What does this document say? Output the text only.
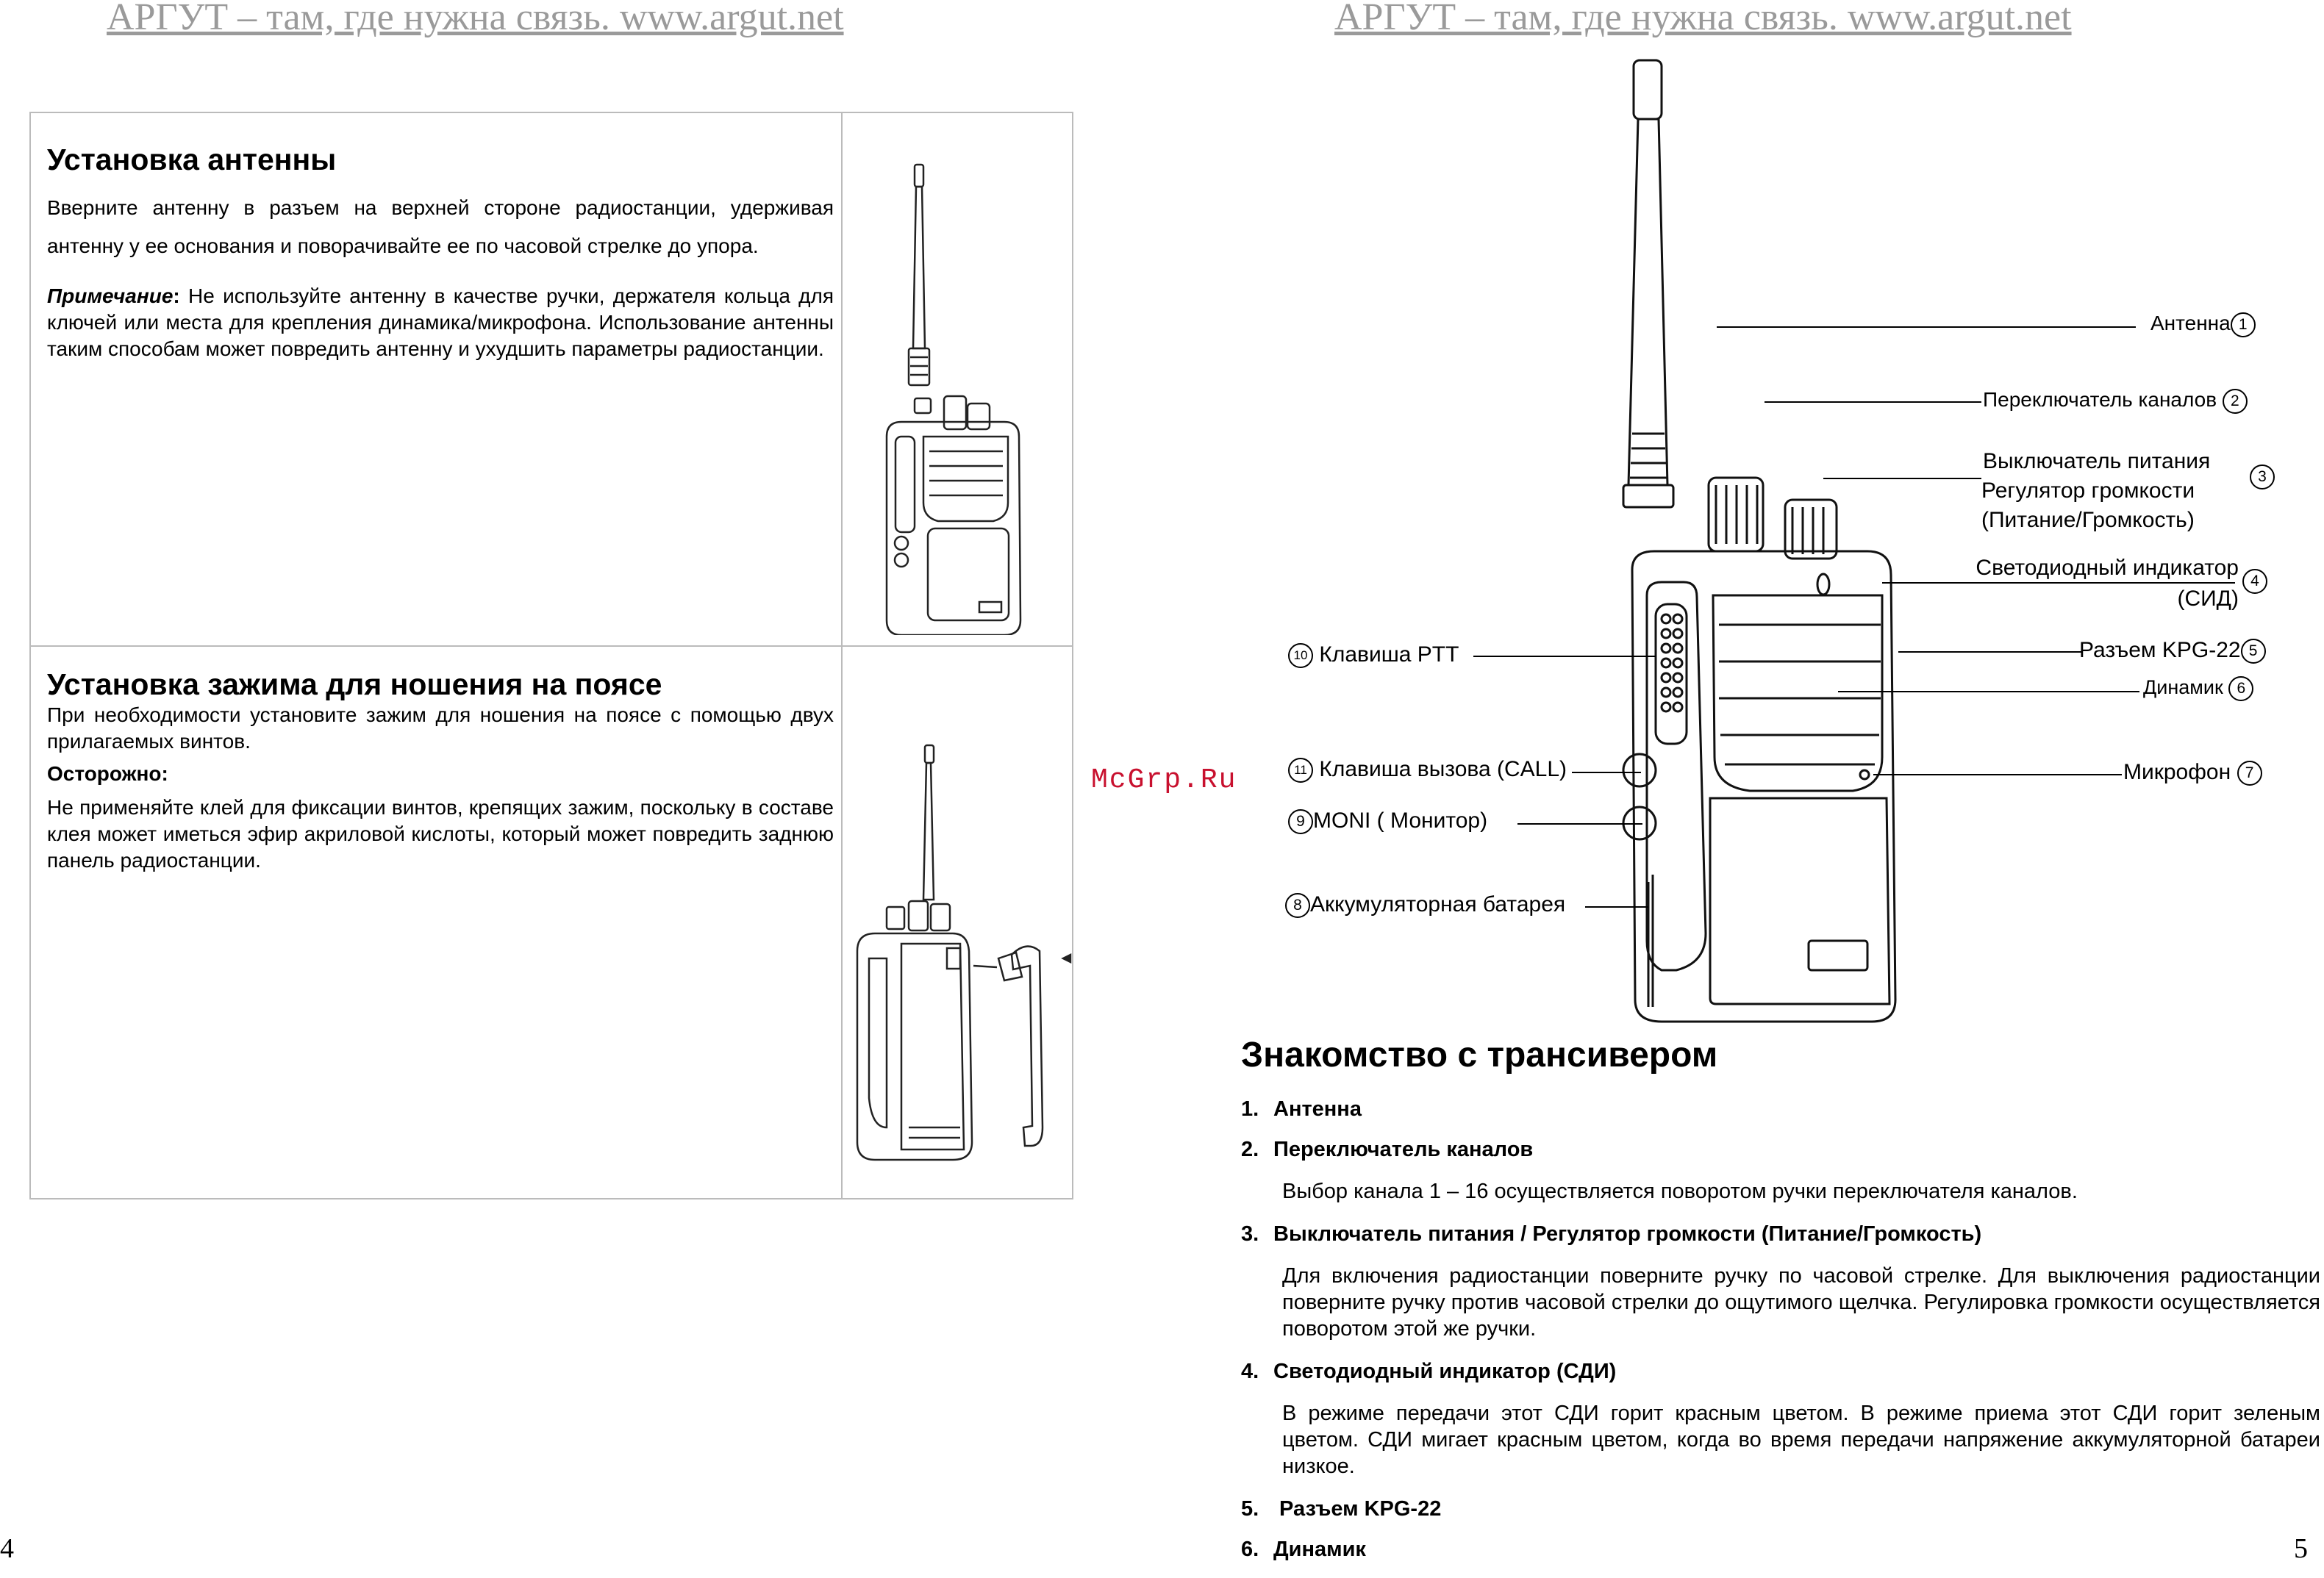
АРГУТ – там, где нужна связь. www.argut.net	АРГУТ – там, где нужна связь. www.argut.net
McGrp.Ru
4	5
Установка антенны

Вверните антенну в разъем на верхней стороне радиостанции, удерживая антенну у ее основания и поворачивайте ее по часовой стрелке до упора.

Примечание: Не используйте антенну в качестве ручки, держателя кольца для ключей или места для крепления динамика/микрофона. Использование антенны таким способам может повредить антенну и ухудшить параметры радиостанции.

Установка зажима для ношения на поясе

При необходимости установите зажим для ношения на поясе с помощью двух прилагаемых винтов.

Осторожно:

Не применяйте клей для фиксации винтов, крепящих зажим, поскольку в составе клея может иметься эфир акриловой кислоты, который может повредить заднюю панель радиостанции.

Антенна 1
Переключатель каналов 2
Выключатель питания
Регулятор громкости
(Питание/Громкость)
3
Светодиодный индикатор
(СИД)
4
Разъем KPG-22 5
Динамик 6
Микрофон 7
10 Клавиша PTT
11 Клавиша вызова (CALL)
9 MONI ( Монитор)
8 Аккумуляторная батарея
Знакомство с трансивером
1. Антенна
2. Переключатель каналов
Выбор канала 1 – 16 осуществляется поворотом ручки переключателя каналов.
3. Выключатель питания / Регулятор громкости (Питание/Громкость)
Для включения радиостанции поверните ручку по часовой стрелке. Для выключения радиостанции поверните ручку против часовой стрелки до ощутимого щелчка. Регулировка громкости осуществляется поворотом этой же ручки.
4. Светодиодный индикатор (СДИ)
В режиме передачи этот СДИ горит красным цветом. В режиме приема этот СДИ горит зеленым цветом. СДИ мигает красным цветом, когда во время передачи напряжение аккумуляторной батареи низкое.
5. Разъем KPG-22
6. Динамик
